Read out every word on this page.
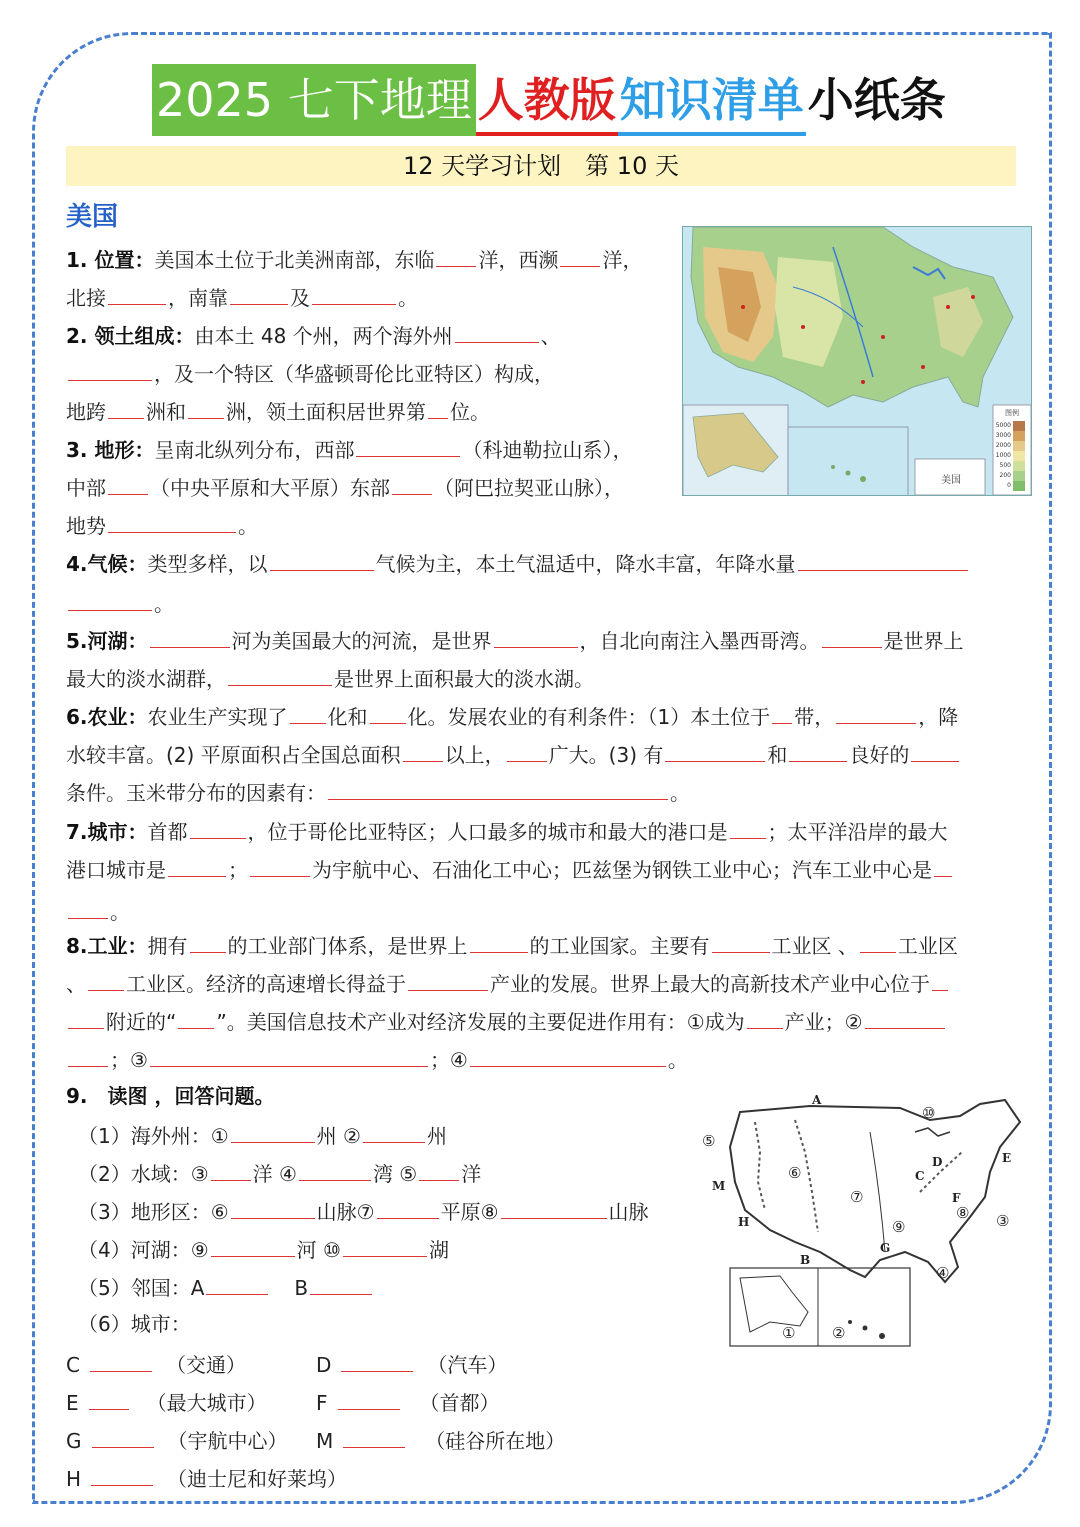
2025 七下地理 人教版 知识清单 小纸条
12 天学习计划　第 10 天
美国
1. 位置：美国本土位于北美洲南部，东临 洋，西濒 洋，
北接	，南靠	及	。
2. 领土组成：由本土 48 个州，两个海外州	、
，及一个特区（华盛顿哥伦比亚特区）构成，
地跨 洲和 洲，领土面积居世界第 位。
3. 地形：呈南北纵列分布，西部	（科迪勒拉山系），
中部 （中央平原和大平原）东部 （阿巴拉契亚山脉），
地势	。
4.气候：类型多样，以	气候为主，本土气温适中，降水丰富，年降水量
。
5.河湖：	河为美国最大的河流，是世界	，自北向南注入墨西哥湾。	是世界上
最大的淡水湖群，	是世界上面积最大的淡水湖。
6.农业：农业生产实现了 化和 化。发展农业的有利条件：（1）本土位于 带，	，降
水较丰富。(2) 平原面积占全国总面积 以上， 广大。(3) 有	和	良好的
条件。玉米带分布的因素有：	。
7.城市：首都	，位于哥伦比亚特区；人口最多的城市和最大的港口是 ；太平洋沿岸的最大
港口城市是	；	为宇航中心、石油化工中心；匹兹堡为钢铁工业中心；汽车工业中心是
。
8.工业：拥有 的工业部门体系，是世界上	的工业国家。主要有	工业区 、 工业区
、 工业区。经济的高速增长得益于	产业的发展。世界上最大的高新技术产业中心位于
附近的“ ”。美国信息技术产业对经济发展的主要促进作用有：①成为 产业；②
；③	；④	。
9.　读图 ，回答问题。
（1）海外州：①	州 ②	州
（2）水域：③ 洋 ④	湾 ⑤ 洋
（3）地形区：⑥	山脉⑦	平原⑧	山脉
（4）河湖：⑨	河 ⑩	湖
（5）邻国：A	B
（6）城市：
C	（交通）	D	（汽车）
E	（最大城市） F	（首都）
G	（宇航中心） M	（硅谷所在地）
H	（迪士尼和好莱坞）
美国
图例
5000
3000
2000
1000
500
200
0
A
B
C
D	E
F
G
H
M
① ②
③
④
⑤
⑥
⑦
⑧
⑨
⑩
